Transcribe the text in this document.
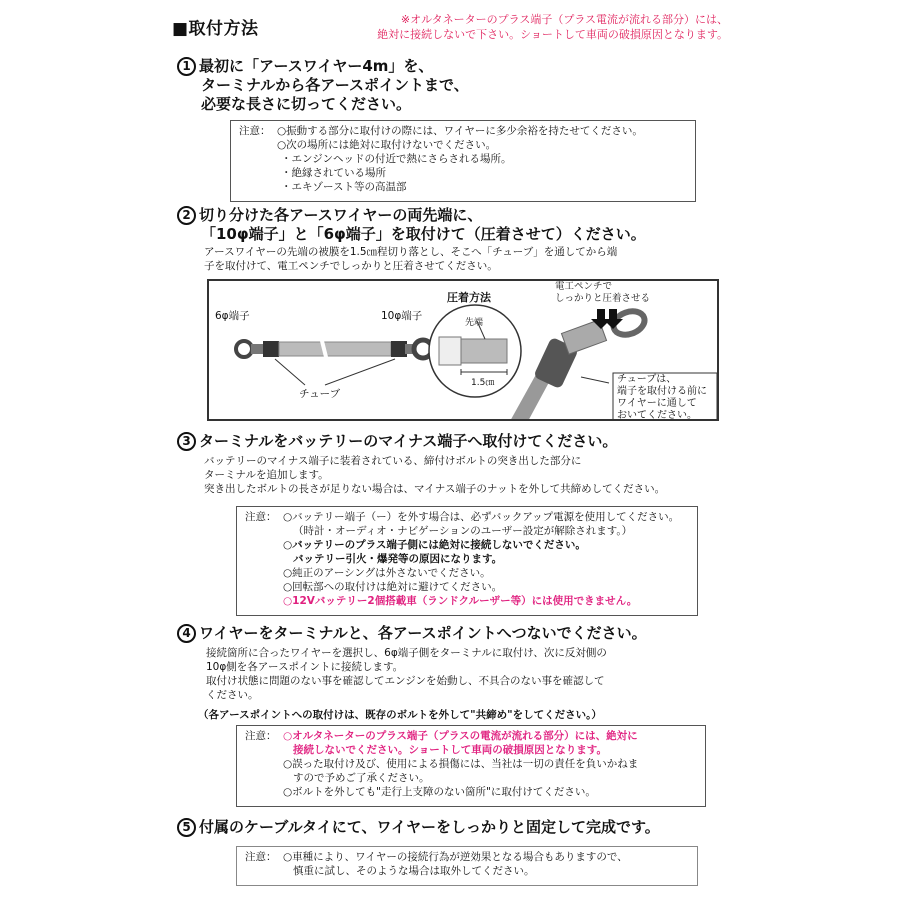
■取付方法	※オルタネーターのプラス端子（プラス電流が流れる部分）には、
絶対に接続しないで下さい。ショートして車両の破損原因となります。
1 最初に「アースワイヤー4m」を、
ターミナルから各アースポイントまで、
必要な長さに切ってください。
注意： ○振動する部分に取付けの際には、ワイヤーに多少余裕を持たせてください。
○次の場所には絶対に取付けないでください。
・エンジンヘッドの付近で熱にさらされる場所。
・絶縁されている場所
・エキゾースト等の高温部
2 切り分けた各アースワイヤーの両先端に、
「10φ端子」と「6φ端子」を取付けて（圧着させて）ください。
アースワイヤーの先端の被膜を1.5㎝程切り落とし、そこへ「チューブ」を通してから端
子を取付けて、電工ペンチでしっかりと圧着させてください。
6φ端子	10φ端子
チューブ
圧着方法
先端
1.5㎝
電工ペンチで
しっかりと圧着させる
チューブは、
端子を取付ける前に
ワイヤーに通して
おいてください。
3 ターミナルをバッテリーのマイナス端子へ取付けてください。
バッテリーのマイナス端子に装着されている、締付けボルトの突き出した部分に
ターミナルを追加します。
突き出したボルトの長さが足りない場合は、マイナス端子のナットを外して共締めしてください。
注意： ○バッテリー端子（ー）を外す場合は、必ずバックアップ電源を使用してください。
（時計・オーディオ・ナビゲーションのユーザー設定が解除されます。）
○バッテリーのプラス端子側には絶対に接続しないでください。
バッテリー引火・爆発等の原因になります。
○純正のアーシングは外さないでください。
○回転部への取付けは絶対に避けてください。
○12Vバッテリー2個搭載車（ランドクルーザー等）には使用できません。
4 ワイヤーをターミナルと、各アースポイントへつないでください。
接続箇所に合ったワイヤーを選択し、6φ端子側をターミナルに取付け、次に反対側の
10φ側を各アースポイントに接続します。
取付け状態に問題のない事を確認してエンジンを始動し、不具合のない事を確認して
ください。
（各アースポイントへの取付けは、既存のボルトを外して"共締め"をしてください。）
注意： ○オルタネーターのプラス端子（プラスの電流が流れる部分）には、絶対に
接続しないでください。ショートして車両の破損原因となります。
○誤った取付け及び、使用による損傷には、当社は一切の責任を負いかねま
すので予めご了承ください。
○ボルトを外しても"走行上支障のない箇所"に取付けてください。
5 付属のケーブルタイにて、ワイヤーをしっかりと固定して完成です。
注意： ○車種により、ワイヤーの接続行為が逆効果となる場合もありますので、
慎重に試し、そのような場合は取外してください。
